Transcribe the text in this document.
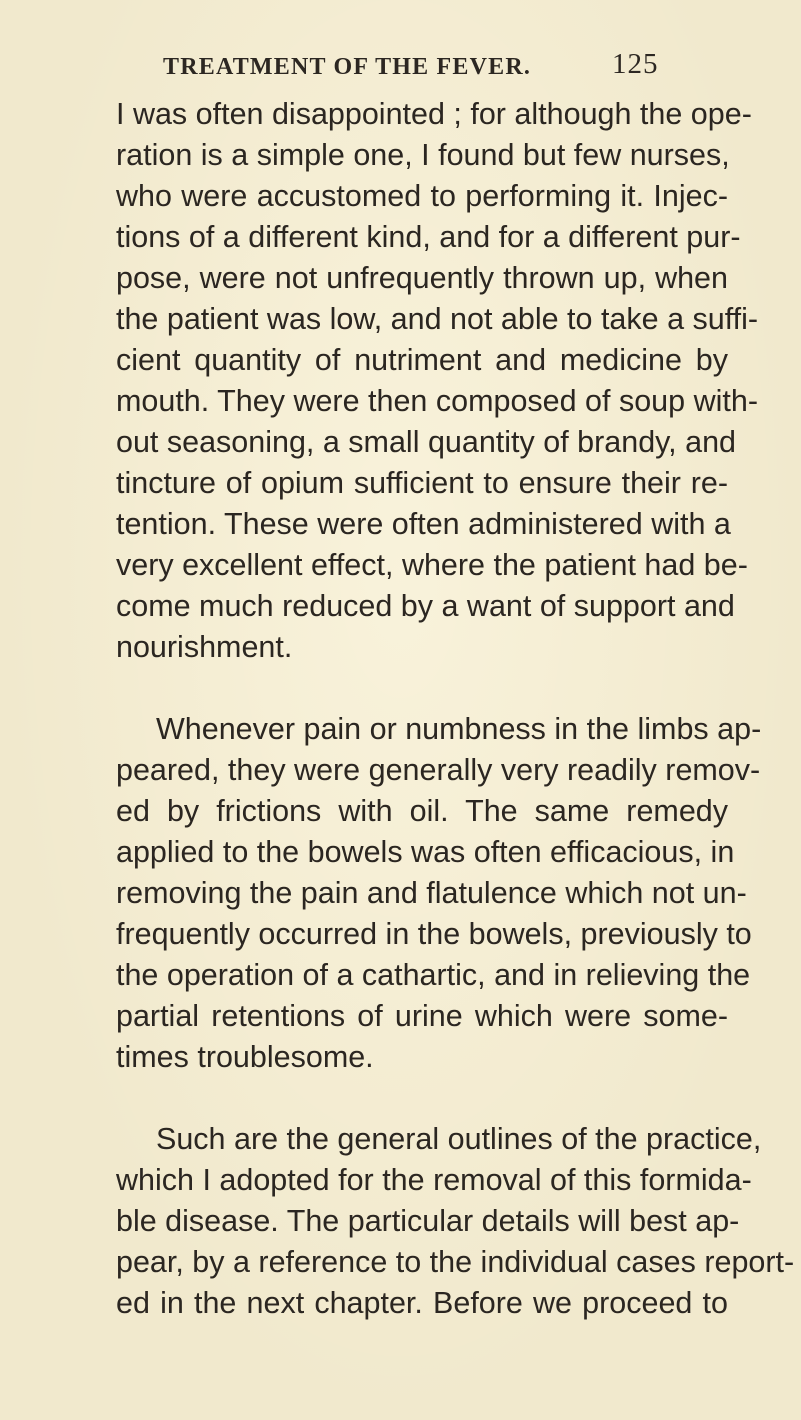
TREATMENT OF THE FEVER.	125

I was often disappointed ; for although the ope-
ration is a simple one, I found but few nurses,
who were accustomed to performing it. Injec-
tions of a different kind, and for a different pur-
pose, were not unfrequently thrown up, when
the patient was low, and not able to take a suffi-
cient quantity of nutriment and medicine by
mouth. They were then composed of soup with-
out seasoning, a small quantity of brandy, and
tincture of opium sufficient to ensure their re-
tention. These were often administered with a
very excellent effect, where the patient had be-
come much reduced by a want of support and
nourishment.

Whenever pain or numbness in the limbs ap-
peared, they were generally very readily remov-
ed by frictions with oil. The same remedy
applied to the bowels was often efficacious, in
removing the pain and flatulence which not un-
frequently occurred in the bowels, previously to
the operation of a cathartic, and in relieving the
partial retentions of urine which were some-
times troublesome.

Such are the general outlines of the practice,
which I adopted for the removal of this formida-
ble disease. The particular details will best ap-
pear, by a reference to the individual cases report-
ed in the next chapter. Before we proceed to
